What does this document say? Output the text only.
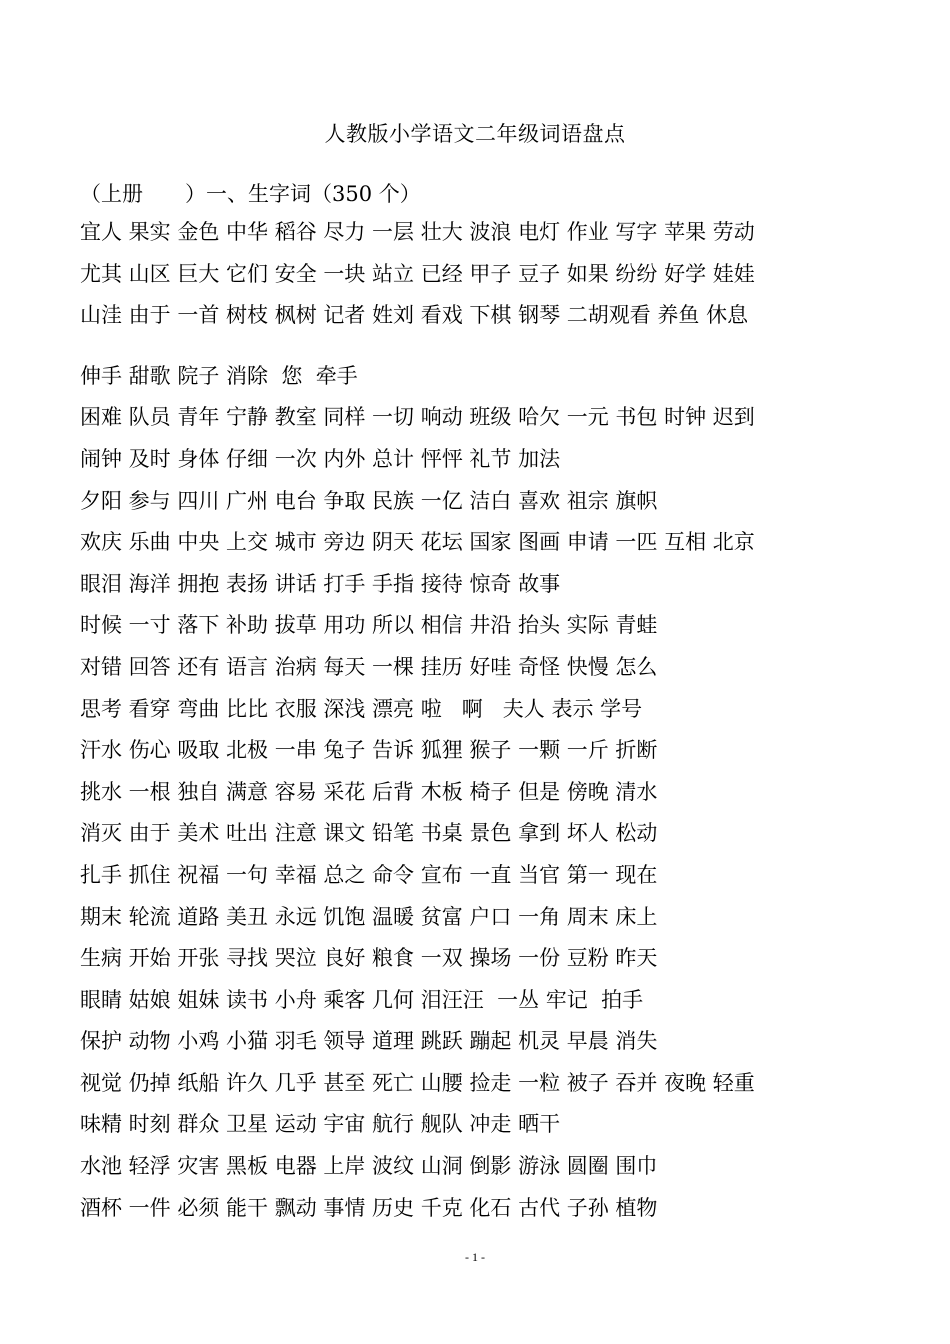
人教版小学语文二年级词语盘点
（上册　　）一、生字词（350 个）
宜人 果实 金色 中华 稻谷 尽力 一层 壮大 波浪 电灯 作业 写字 苹果 劳动
尤其 山区 巨大 它们 安全 一块 站立 已经 甲子 豆子 如果 纷纷 好学 娃娃
山洼 由于 一首 树枝 枫树 记者 姓刘 看戏 下棋 钢琴 二胡观看 养鱼 休息
伸手 甜歌 院子 消除  您  牵手
困难 队员 青年 宁静 教室 同样 一切 响动 班级 哈欠 一元 书包 时钟 迟到
闹钟 及时 身体 仔细 一次 内外 总计 怦怦 礼节 加法
夕阳 参与 四川 广州 电台 争取 民族 一亿 洁白 喜欢 祖宗 旗帜
欢庆 乐曲 中央 上交 城市 旁边 阴天 花坛 国家 图画 申请 一匹 互相 北京
眼泪 海洋 拥抱 表扬 讲话 打手 手指 接待 惊奇 故事
时候 一寸 落下 补助 拔草 用功 所以 相信 井沿 抬头 实际 青蛙
对错 回答 还有 语言 治病 每天 一棵 挂历 好哇 奇怪 快慢 怎么
思考 看穿 弯曲 比比 衣服 深浅 漂亮 啦   啊   夫人 表示 学号
汗水 伤心 吸取 北极 一串 兔子 告诉 狐狸 猴子 一颗 一斤 折断
挑水 一根 独自 满意 容易 采花 后背 木板 椅子 但是 傍晚 清水
消灭 由于 美术 吐出 注意 课文 铅笔 书桌 景色 拿到 坏人 松动
扎手 抓住 祝福 一句 幸福 总之 命令 宣布 一直 当官 第一 现在
期末 轮流 道路 美丑 永远 饥饱 温暖 贫富 户口 一角 周末 床上
生病 开始 开张 寻找 哭泣 良好 粮食 一双 操场 一份 豆粉 昨天
眼睛 姑娘 姐妹 读书 小舟 乘客 几何 泪汪汪  一丛 牢记  拍手
保护 动物 小鸡 小猫 羽毛 领导 道理 跳跃 蹦起 机灵 早晨 消失
视觉 仍掉 纸船 许久 几乎 甚至 死亡 山腰 捡走 一粒 被子 吞并 夜晚 轻重
味精 时刻 群众 卫星 运动 宇宙 航行 舰队 冲走 晒干
水池 轻浮 灾害 黑板 电器 上岸 波纹 山洞 倒影 游泳 圆圈 围巾
酒杯 一件 必须 能干 飘动 事情 历史 千克 化石 古代 子孙 植物
- 1 -
